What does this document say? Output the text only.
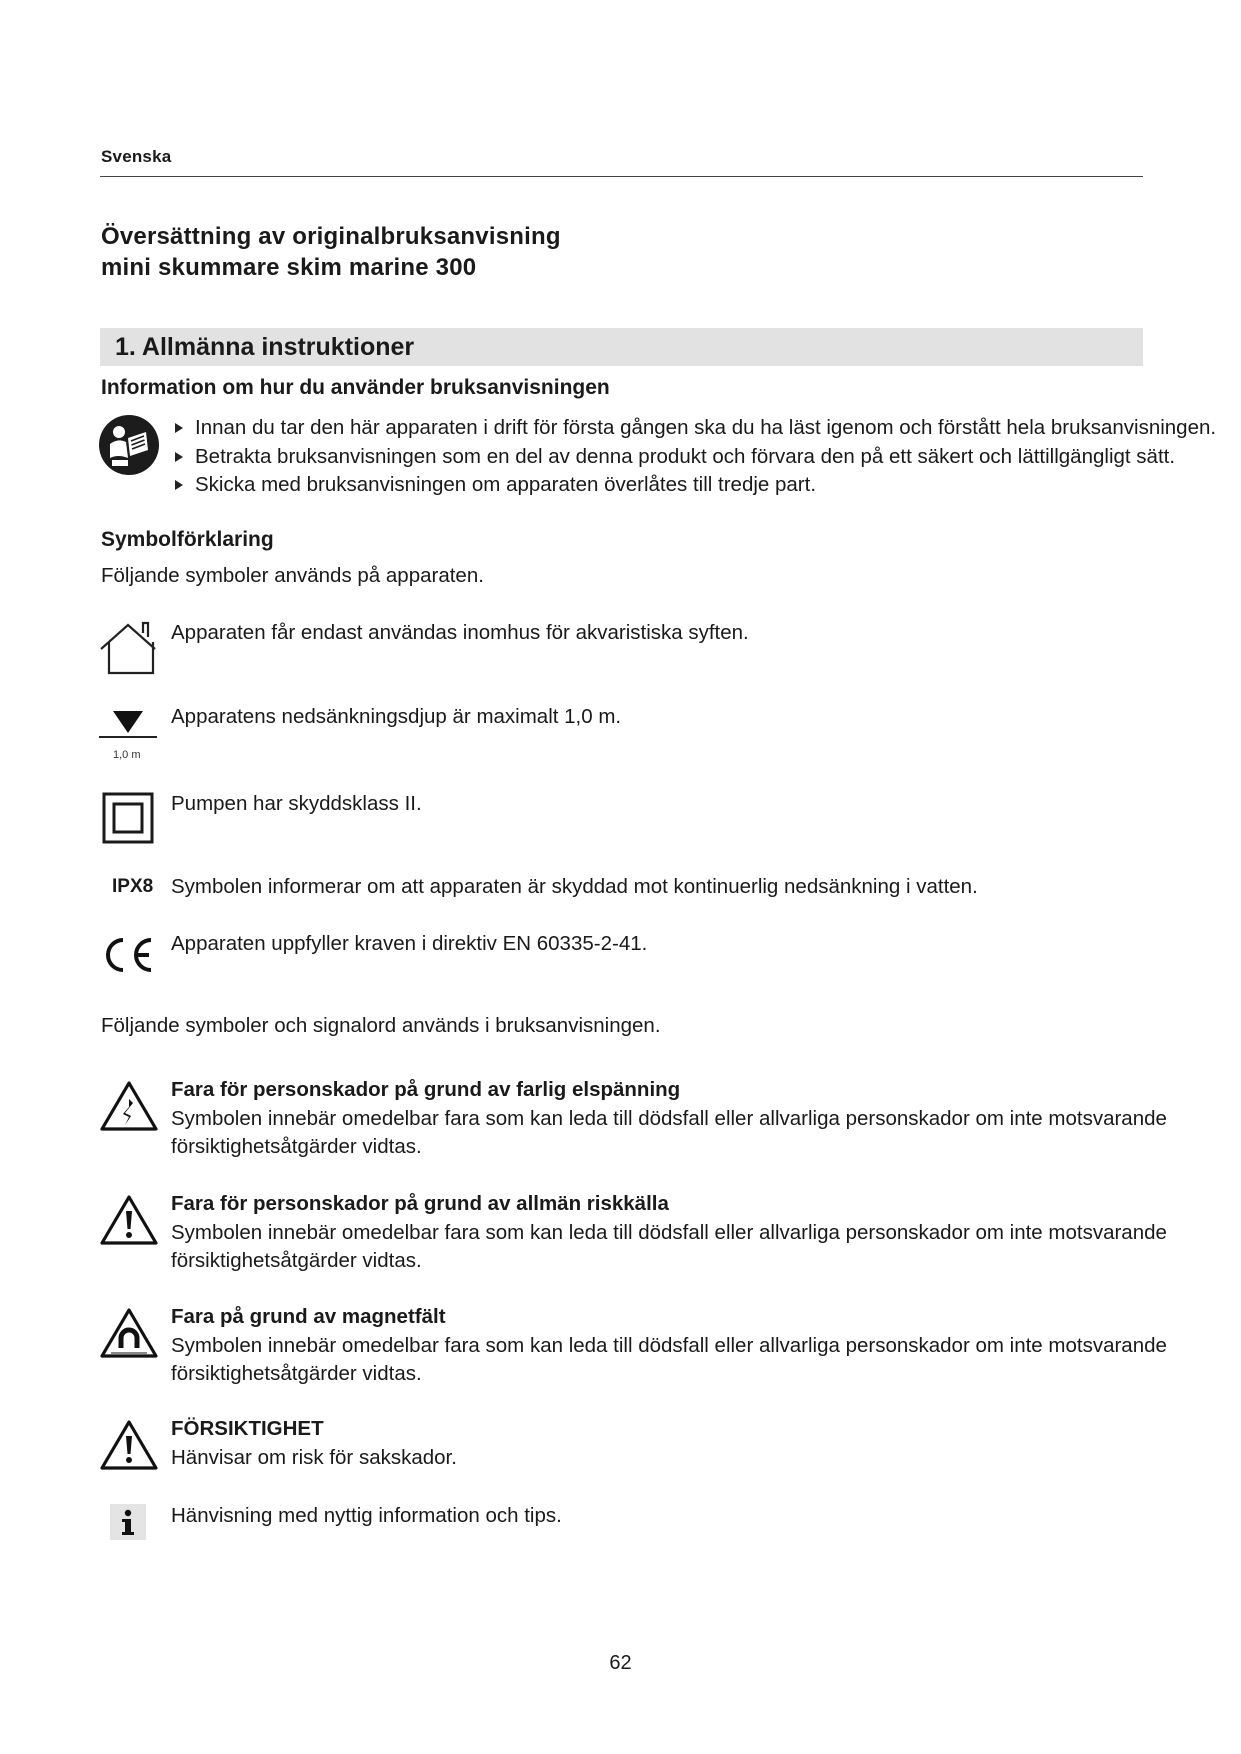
Svenska
Översättning av originalbruksanvisning
mini skummare skim marine 300
1. Allmänna instruktioner
Information om hur du använder bruksanvisningen
Innan du tar den här apparaten i drift för första gången ska du ha läst igenom och förstått hela bruksanvisningen.
Betrakta bruksanvisningen som en del av denna produkt och förvara den på ett säkert och lättillgängligt sätt.
Skicka med bruksanvisningen om apparaten överlåtes till tredje part.
Symbolförklaring
Följande symboler används på apparaten.
Apparaten får endast användas inomhus för akvaristiska syften.
1,0 m
Apparatens nedsänkningsdjup är maximalt 1,0 m.
Pumpen har skyddsklass II.
IPX8 Symbolen informerar om att apparaten är skyddad mot kontinuerlig nedsänkning i vatten.
Apparaten uppfyller kraven i direktiv EN 60335-2-41.
Följande symboler och signalord används i bruksanvisningen.
Fara för personskador på grund av farlig elspänning
Symbolen innebär omedelbar fara som kan leda till dödsfall eller allvarliga personskador om inte motsvarande
försiktighetsåtgärder vidtas.
Fara för personskador på grund av allmän riskkälla
Symbolen innebär omedelbar fara som kan leda till dödsfall eller allvarliga personskador om inte motsvarande
försiktighetsåtgärder vidtas.
Fara på grund av magnetfält
Symbolen innebär omedelbar fara som kan leda till dödsfall eller allvarliga personskador om inte motsvarande
försiktighetsåtgärder vidtas.
FÖRSIKTIGHET
Hänvisar om risk för sakskador.
Hänvisning med nyttig information och tips.
62
